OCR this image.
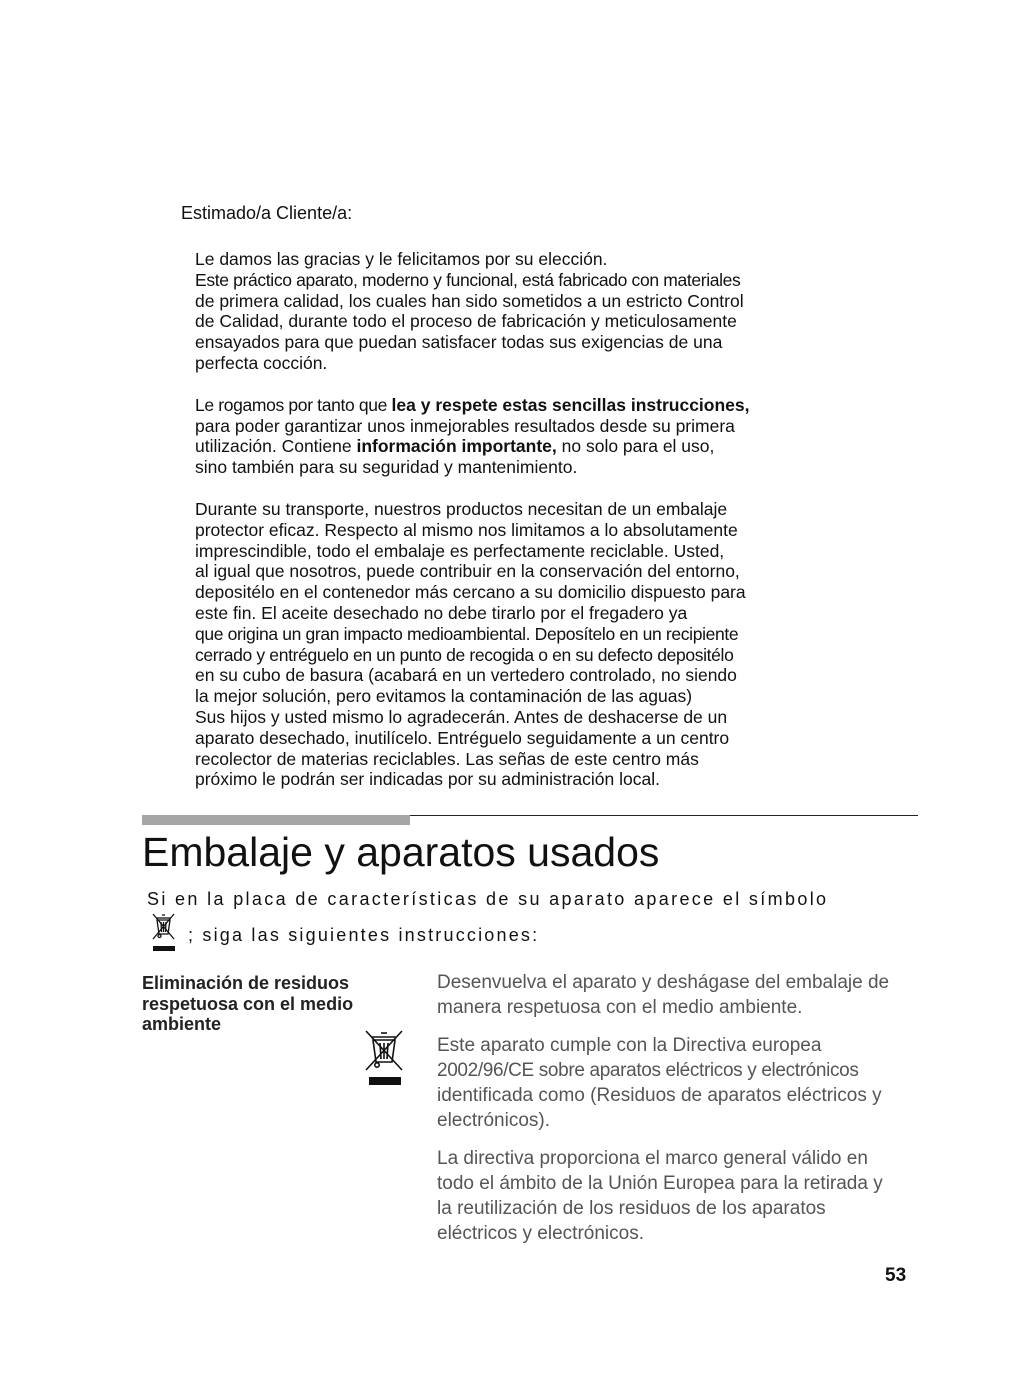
Estimado/a Cliente/a:

Le damos las gracias y le felicitamos por su elección.
Este práctico aparato, moderno y funcional, está fabricado con materiales
de primera calidad, los cuales han sido sometidos a un estricto Control
de Calidad, durante todo el proceso de fabricación y meticulosamente
ensayados para que puedan satisfacer todas sus exigencias de una
perfecta cocción.

Le rogamos por tanto que lea y respete estas sencillas instrucciones,
para poder garantizar unos inmejorables resultados desde su primera
utilización. Contiene información importante, no solo para el uso,
sino también para su seguridad y mantenimiento.

Durante su transporte, nuestros productos necesitan de un embalaje
protector eficaz. Respecto al mismo nos limitamos a lo absolutamente
imprescindible, todo el embalaje es perfectamente reciclable. Usted,
al igual que nosotros, puede contribuir en la conservación del entorno,
depositélo en el contenedor más cercano a su domicilio dispuesto para
este fin. El aceite desechado no debe tirarlo por el fregadero ya
que origina un gran impacto medioambiental. Deposítelo en un recipiente
cerrado y entréguelo en un punto de recogida o en su defecto depositélo
en su cubo de basura (acabará en un vertedero controlado, no siendo
la mejor solución, pero evitamos la contaminación de las aguas)
Sus hijos y usted mismo lo agradecerán. Antes de deshacerse de un
aparato desechado, inutilícelo. Entréguelo seguidamente a un centro
recolector de materias reciclables. Las señas de este centro más
próximo le podrán ser indicadas por su administración local.

Embalaje y aparatos usados
Si en la placa de características de su aparato aparece el símbolo
; siga las siguientes instrucciones:
Eliminación de residuos
respetuosa con el medio
ambiente

Desenvuelva el aparato y deshágase del embalaje de
manera respetuosa con el medio ambiente.

Este aparato cumple con la Directiva europea
2002/96/CE sobre aparatos eléctricos y electrónicos
identificada como (Residuos de aparatos eléctricos y
electrónicos).

La directiva proporciona el marco general válido en
todo el ámbito de la Unión Europea para la retirada y
la reutilización de los residuos de los aparatos
eléctricos y electrónicos.

53
